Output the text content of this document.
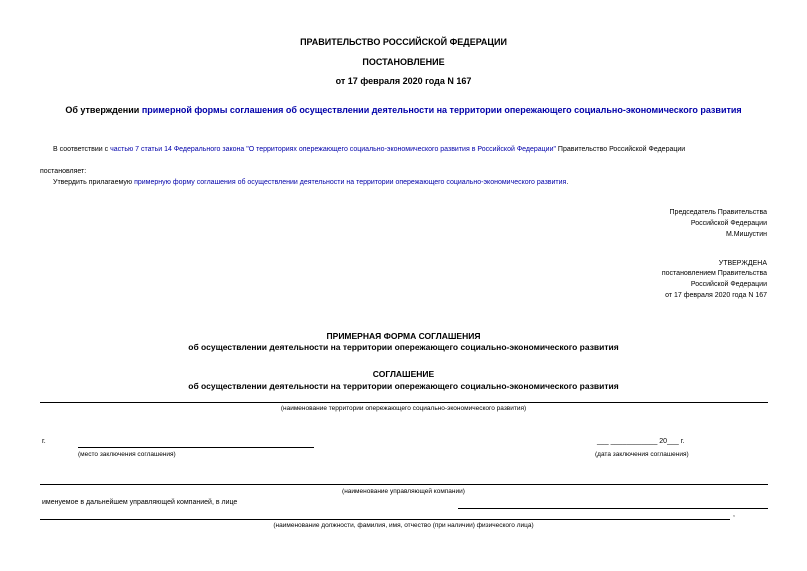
ПРАВИТЕЛЬСТВО РОССИЙСКОЙ ФЕДЕРАЦИИ
ПОСТАНОВЛЕНИЕ
от 17 февраля 2020 года N 167
Об утверждении примерной формы соглашения об осуществлении деятельности на территории опережающего социально-экономического развития
В соответствии с частью 7 статьи 14 Федерального закона "О территориях опережающего социально-экономического развития в Российской Федерации" Правительство Российской Федерации
постановляет:
Утвердить прилагаемую примерную форму соглашения об осуществлении деятельности на территории опережающего социально-экономического развития.
Председатель Правительства
Российской Федерации
М.Мишустин
УТВЕРЖДЕНА
постановлением Правительства
Российской Федерации
от 17 февраля 2020 года N 167
ПРИМЕРНАЯ ФОРМА СОГЛАШЕНИЯ
об осуществлении деятельности на территории опережающего социально-экономического развития
СОГЛАШЕНИЕ
об осуществлении деятельности на территории опережающего социально-экономического развития
(наименование территории опережающего социально-экономического развития)
г.
(место заключения соглашения)
___ ____________ 20___ г.
(дата заключения соглашения)
(наименование управляющей компании)
именуемое в дальнейшем управляющей компанией, в лице
,
(наименование должности, фамилия, имя, отчество (при наличии) физического лица)
